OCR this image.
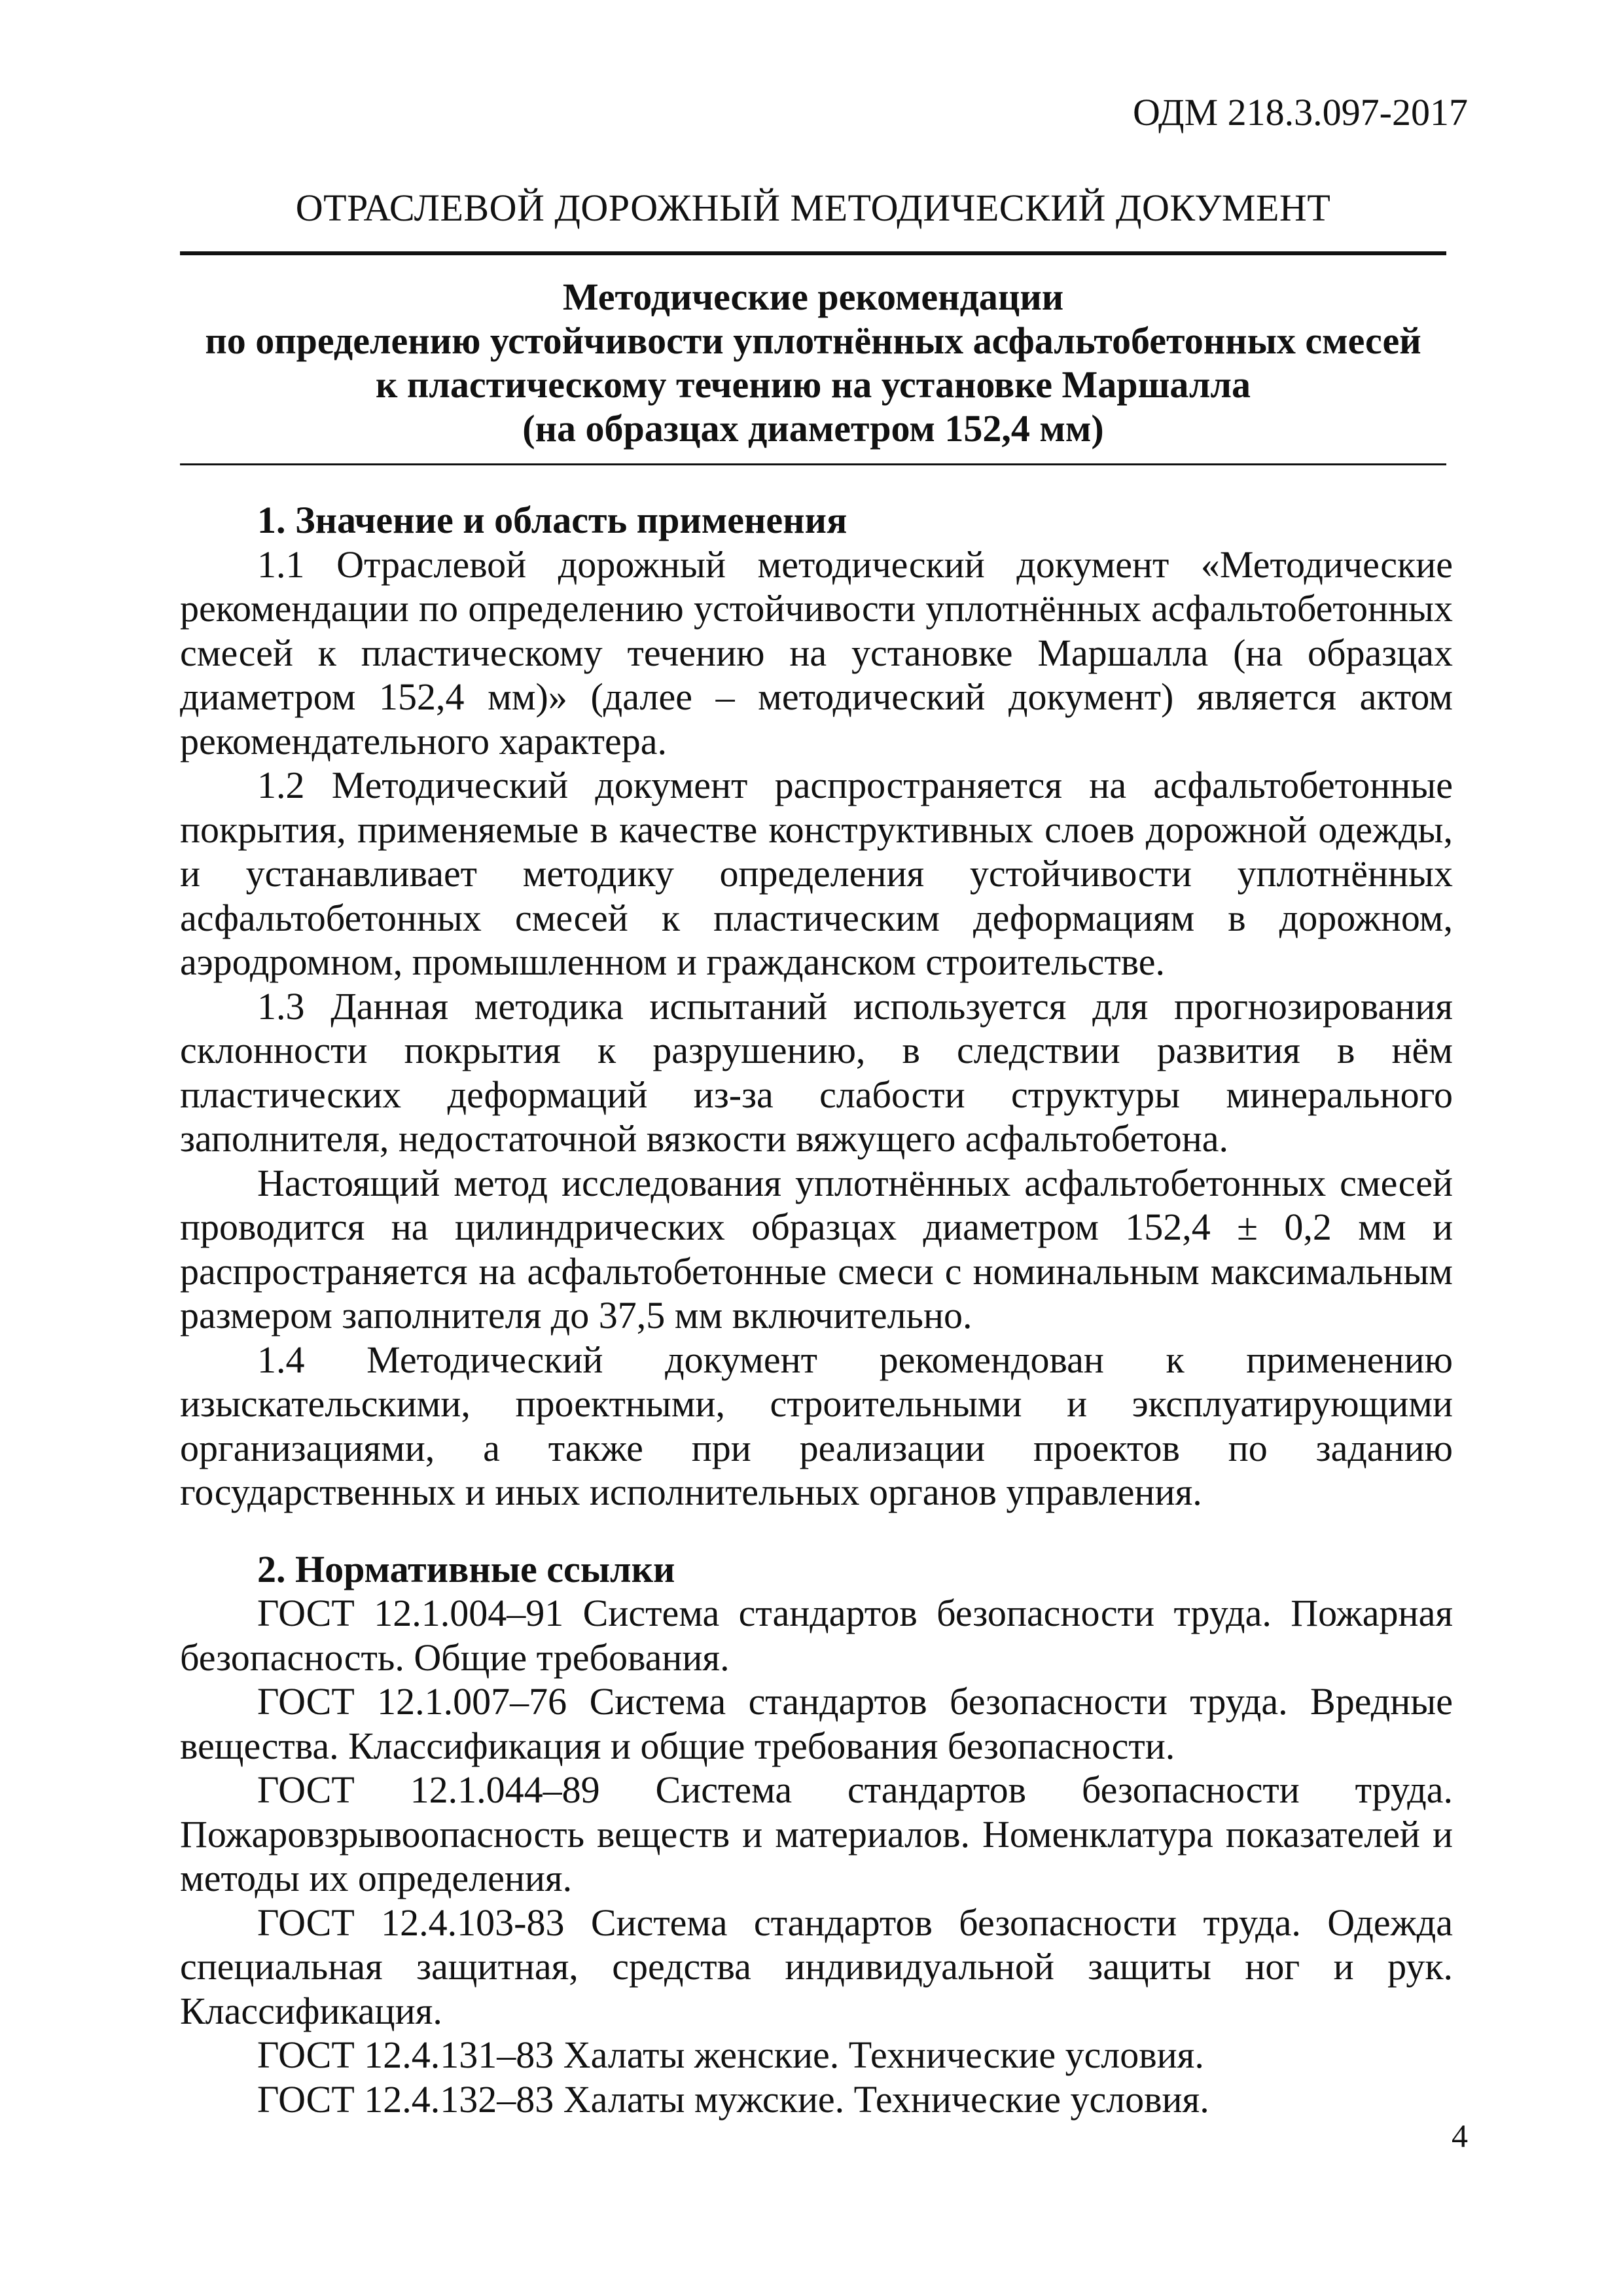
ОДМ 218.3.097-2017
ОТРАСЛЕВОЙ ДОРОЖНЫЙ МЕТОДИЧЕСКИЙ ДОКУМЕНТ
Методические рекомендации
по определению устойчивости уплотнённых асфальтобетонных смесей
к пластическому течению на установке Маршалла
(на образцах диаметром 152,4 мм)

1. Значение и область применения

1.1 Отраслевой дорожный методический документ «Методические рекомендации по определению устойчивости уплотнённых асфальтобетонных смесей к пластическому течению на установке Маршалла (на образцах диаметром 152,4 мм)» (далее – методический документ) является актом рекомендательного характера.

1.2 Методический документ распространяется на асфальтобетонные покрытия, применяемые в качестве конструктивных слоев дорожной одежды, и устанавливает методику определения устойчивости уплотнённых асфальтобетонных смесей к пластическим деформациям в дорожном, аэродромном, промышленном и гражданском строительстве.

1.3 Данная методика испытаний используется для прогнозирования склонности покрытия к разрушению, в следствии развития в нём пластических деформаций из-за слабости структуры минерального заполнителя, недостаточной вязкости вяжущего асфальтобетона.

Настоящий метод исследования уплотнённых асфальтобетонных смесей проводится на цилиндрических образцах диаметром 152,4 ± 0,2 мм и распространяется на асфальтобетонные смеси с номинальным максимальным размером заполнителя до 37,5 мм включительно.

1.4 Методический документ рекомендован к применению изыскательскими, проектными, строительными и эксплуатирующими организациями, а также при реализации проектов по заданию государственных и иных исполнительных органов управления.

2. Нормативные ссылки

ГОСТ 12.1.004–91 Система стандартов безопасности труда. Пожарная безопасность. Общие требования.

ГОСТ 12.1.007–76 Система стандартов безопасности труда. Вредные вещества. Классификация и общие требования безопасности.

ГОСТ 12.1.044–89 Система стандартов безопасности труда. Пожаровзрывоопасность веществ и материалов. Номенклатура показателей и методы их определения.

ГОСТ 12.4.103-83 Система стандартов безопасности труда. Одежда специальная защитная, средства индивидуальной защиты ног и рук. Классификация.

ГОСТ 12.4.131–83 Халаты женские. Технические условия.

ГОСТ 12.4.132–83 Халаты мужские. Технические условия.

4
